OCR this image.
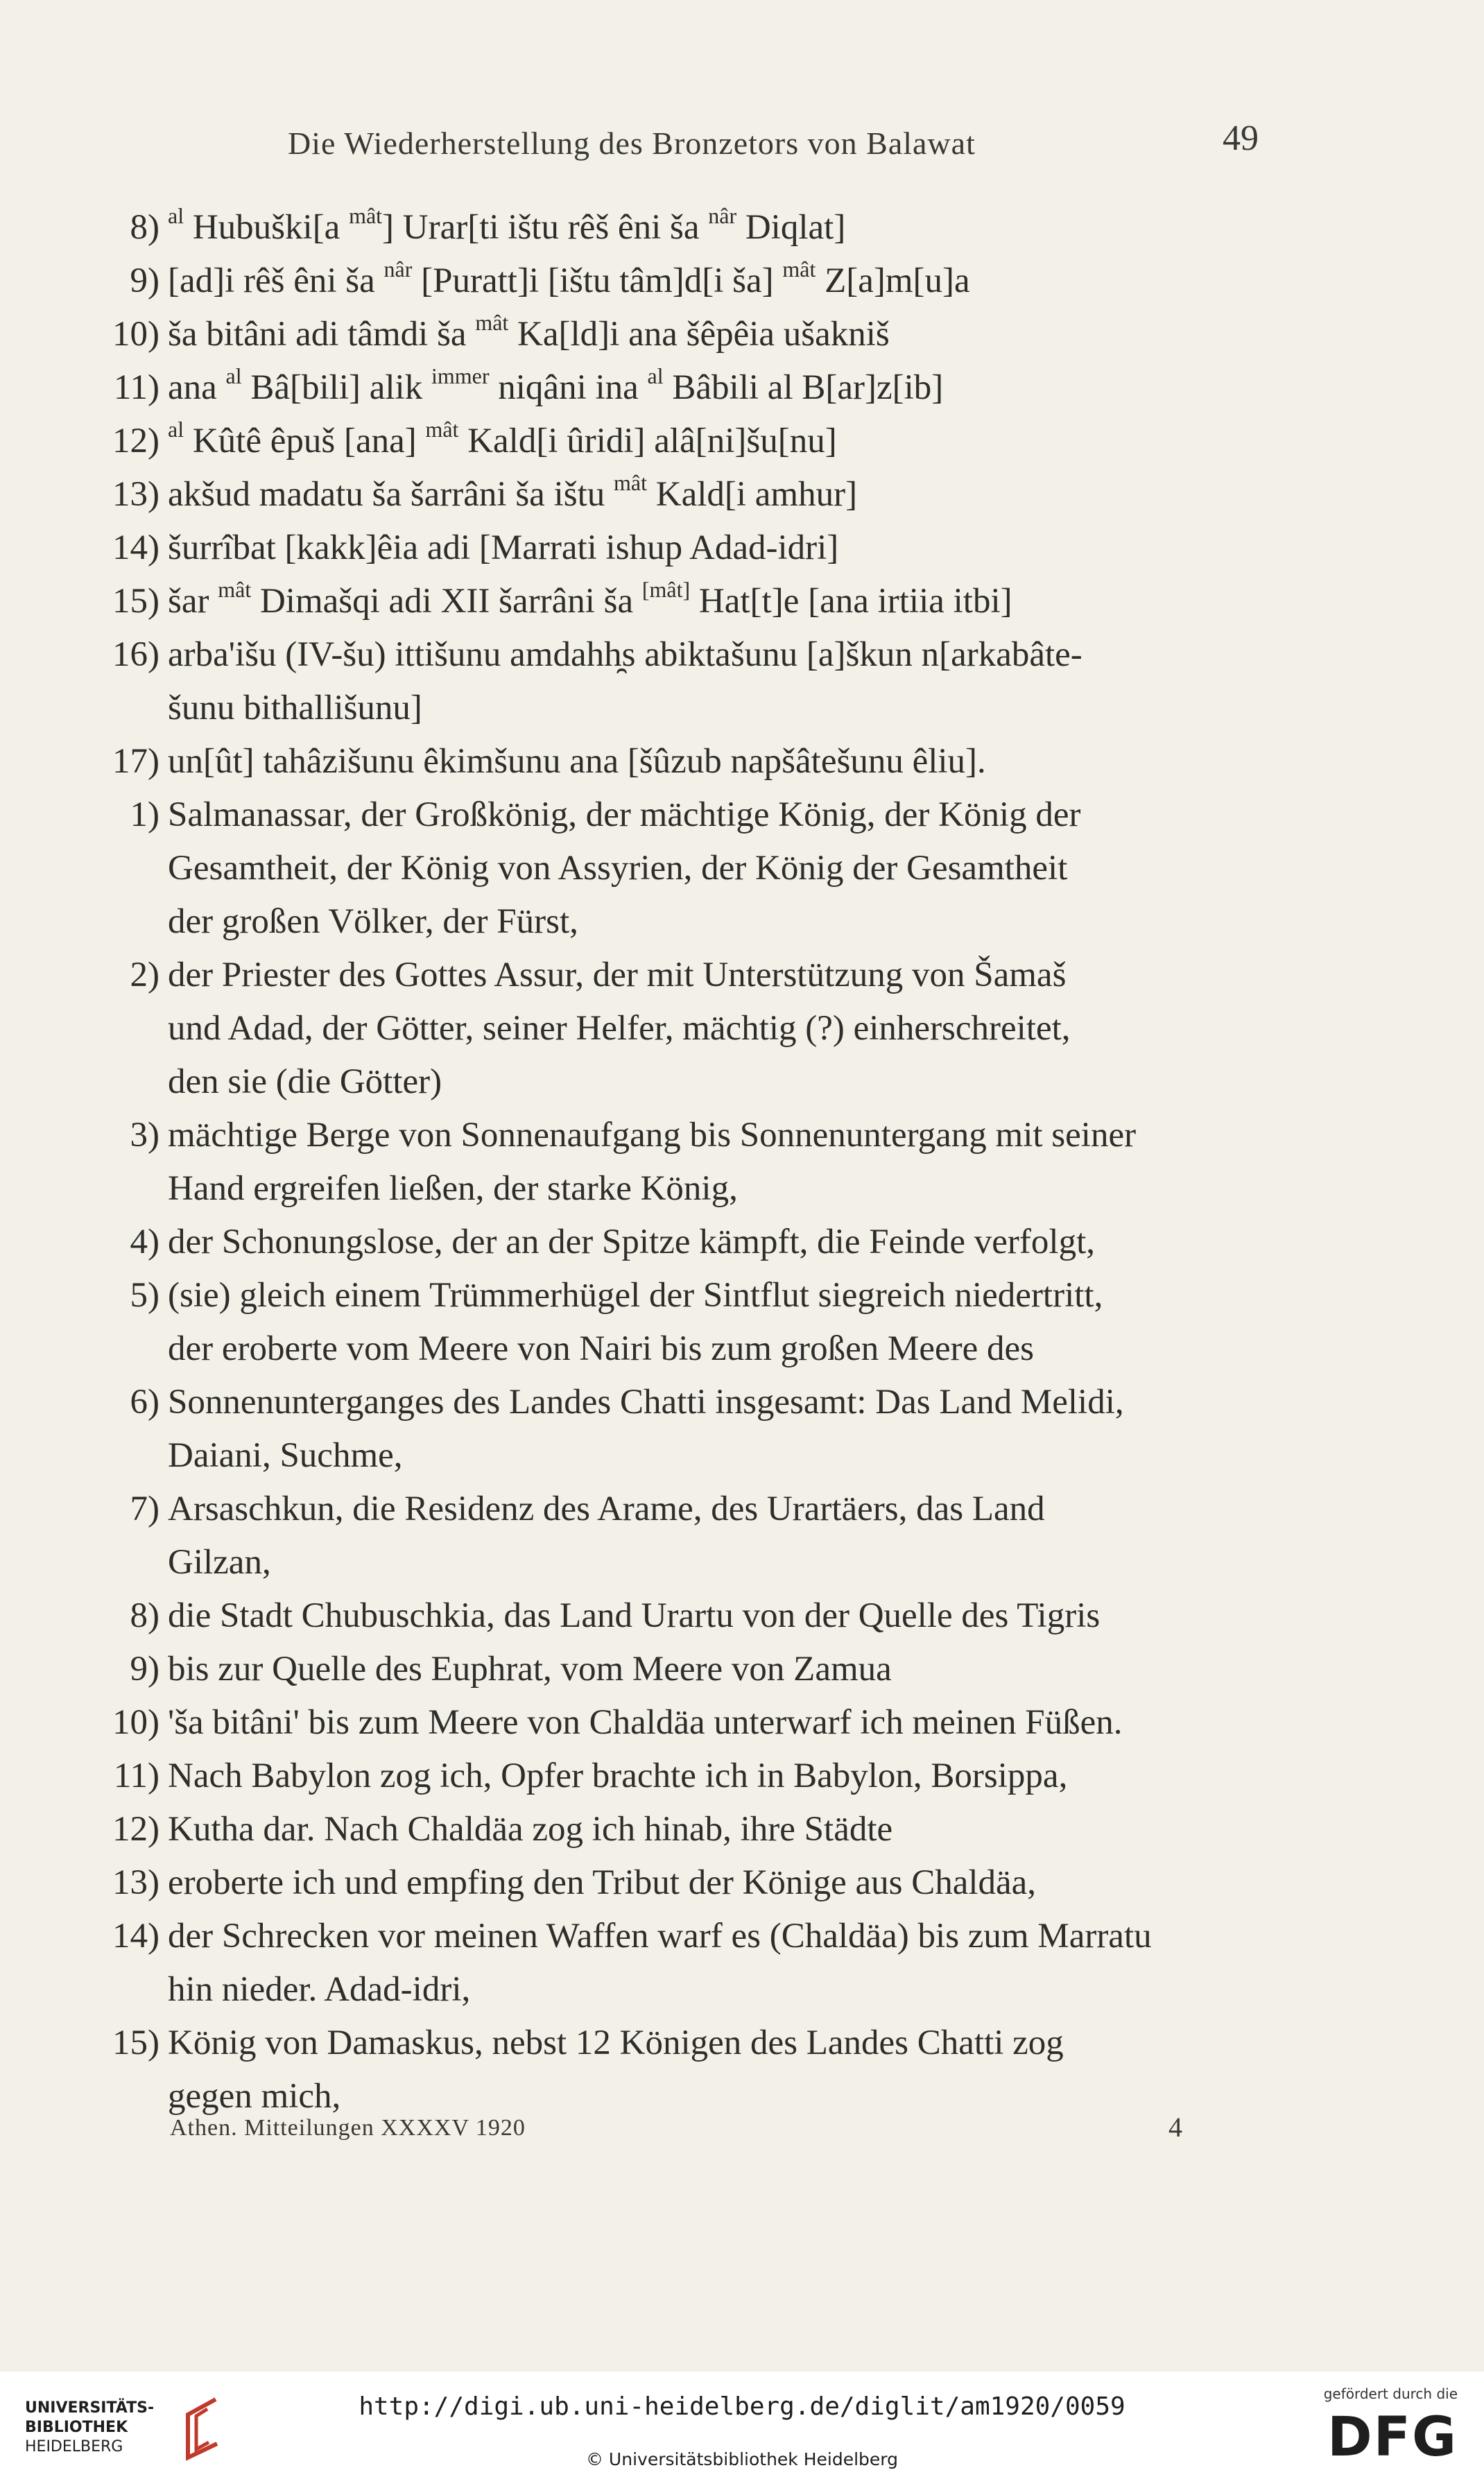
Die Wiederherstellung des Bronzetors von Balawat	49
8) $^{al}$ Hubuški[a $^{mât}$] Urar[ti ištu rêš êni ša $^{nâr}$ Diqlat]
9) [ad]i rêš êni ša $^{nâr}$ [Puratt]i [ištu tâm]d[i ša] $^{mât}$ Z[a]m[u]a
10) ša bitâni adi tâmdi ša $^{mât}$ Ka[ld]i ana šêpêia ušakniš
11) ana $^{al}$ Bâ[bili] alik $^{immer}$ niqâni ina $^{al}$ Bâbili al B[ar]z[ib]
12) $^{al}$ Kûtê êpuš [ana] $^{mât}$ Kald[i ûridi] alâ[ni]šu[nu]
13) akšud madatu ša šarrâni ša ištu $^{mât}$ Kald[i amhur]
14) šurrîbat [kakk]êia adi [Marrati ishup Adad-idri]
15) šar $^{mât}$ Dimašqi adi XII šarrâni ša [mât] Hat[t]e [ana irtiia itbi]
16) arba'išu (IV-šu) ittišunu amdahh̯s abiktašunu [a]škun n[arkabâte-
šunu bithallišunu]
17) un[ût] tahâzišunu êkimšunu ana [šûzub napšâtešunu êliu].
1) Salmanassar, der Großkönig, der mächtige König, der König der
Gesamtheit, der König von Assyrien, der König der Gesamtheit
der großen Völker, der Fürst,
2) der Priester des Gottes Assur, der mit Unterstützung von Šamaš
und Adad, der Götter, seiner Helfer, mächtig (?) einherschreitet,
den sie (die Götter)
3) mächtige Berge von Sonnenaufgang bis Sonnenuntergang mit seiner
Hand ergreifen ließen, der starke König,
4) der Schonungslose, der an der Spitze kämpft, die Feinde verfolgt,
5) (sie) gleich einem Trümmerhügel der Sintflut siegreich niedertritt,
der eroberte vom Meere von Nairi bis zum großen Meere des
6) Sonnenunterganges des Landes Chatti insgesamt: Das Land Melidi,
Daiani, Suchme,
7) Arsaschkun, die Residenz des Arame, des Urartäers, das Land
Gilzan,
8) die Stadt Chubuschkia, das Land Urartu von der Quelle des Tigris
9) bis zur Quelle des Euphrat, vom Meere von Zamua
10) 'ša bitâni' bis zum Meere von Chaldäa unterwarf ich meinen Füßen.
11) Nach Babylon zog ich, Opfer brachte ich in Babylon, Borsippa,
12) Kutha dar. Nach Chaldäa zog ich hinab, ihre Städte
13) eroberte ich und empfing den Tribut der Könige aus Chaldäa,
14) der Schrecken vor meinen Waffen warf es (Chaldäa) bis zum Marratu
hin nieder. Adad-idri,
15) König von Damaskus, nebst 12 Königen des Landes Chatti zog
gegen mich,
Athen. Mitteilungen XXXXV 1920	4
UNIVERSITÄTS-
BIBLIOTHEK
HEIDELBERG
http://digi.ub.uni-heidelberg.de/diglit/am1920/0059
© Universitätsbibliothek Heidelberg
gefördert durch die
DFG
